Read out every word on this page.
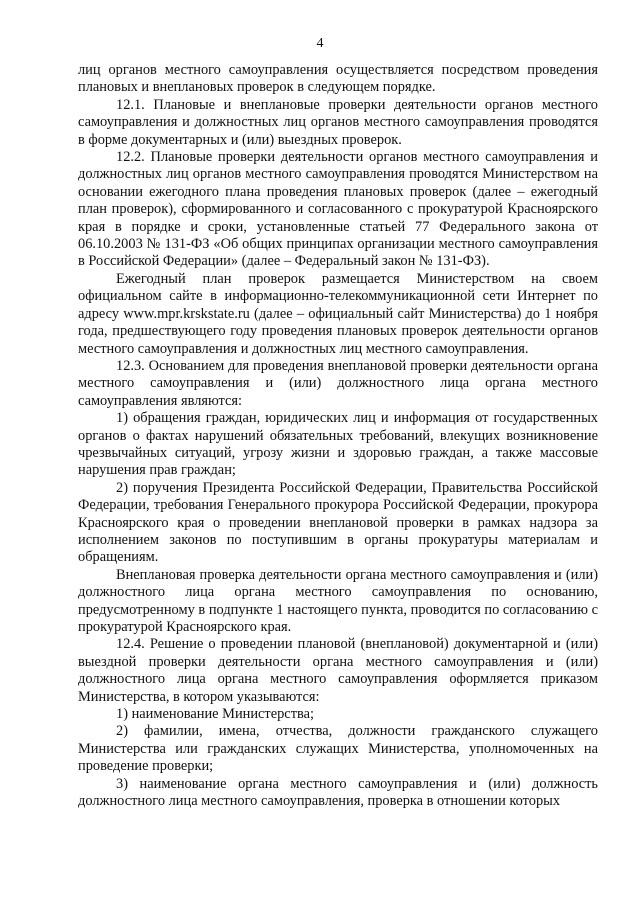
4

лиц органов местного самоуправления осуществляется посредством проведения плановых и внеплановых проверок в следующем порядке.

12.1. Плановые и внеплановые проверки деятельности органов местного самоуправления и должностных лиц органов местного самоуправления проводятся в форме документарных и (или) выездных проверок.

12.2. Плановые проверки деятельности органов местного самоуправления и должностных лиц органов местного самоуправления проводятся Министерством на основании ежегодного плана проведения плановых проверок (далее – ежегодный план проверок), сформированного и согласованного с прокуратурой Красноярского края в порядке и сроки, установленные статьей 77 Федерального закона от 06.10.2003 № 131-ФЗ «Об общих принципах организации местного самоуправления в Российской Федерации» (далее – Федеральный закон № 131-ФЗ).

Ежегодный план проверок размещается Министерством на своем официальном сайте в информационно-телекоммуникационной сети Интернет по адресу www.mpr.krskstate.ru (далее – официальный сайт Министерства) до 1 ноября года, предшествующего году проведения плановых проверок деятельности органов местного самоуправления и должностных лиц местного самоуправления.

12.3. Основанием для проведения внеплановой проверки деятельности органа местного самоуправления и (или) должностного лица органа местного самоуправления являются:

1) обращения граждан, юридических лиц и информация от государственных органов о фактах нарушений обязательных требований, влекущих возникновение чрезвычайных ситуаций, угрозу жизни и здоровью граждан, а также массовые нарушения прав граждан;

2) поручения Президента Российской Федерации, Правительства Российской Федерации, требования Генерального прокурора Российской Федерации, прокурора Красноярского края о проведении внеплановой проверки в рамках надзора за исполнением законов по поступившим в органы прокуратуры материалам и обращениям.

Внеплановая проверка деятельности органа местного самоуправления и (или) должностного лица органа местного самоуправления по основанию, предусмотренному в подпункте 1 настоящего пункта, проводится по согласованию с прокуратурой Красноярского края.

12.4. Решение о проведении плановой (внеплановой) документарной и (или) выездной проверки деятельности органа местного самоуправления и (или) должностного лица органа местного самоуправления оформляется приказом Министерства, в котором указываются:

1) наименование Министерства;

2) фамилии, имена, отчества, должности гражданского служащего Министерства или гражданских служащих Министерства, уполномоченных на проведение проверки;

3) наименование органа местного самоуправления и (или) должность должностного лица местного самоуправления, проверка в отношении которых
